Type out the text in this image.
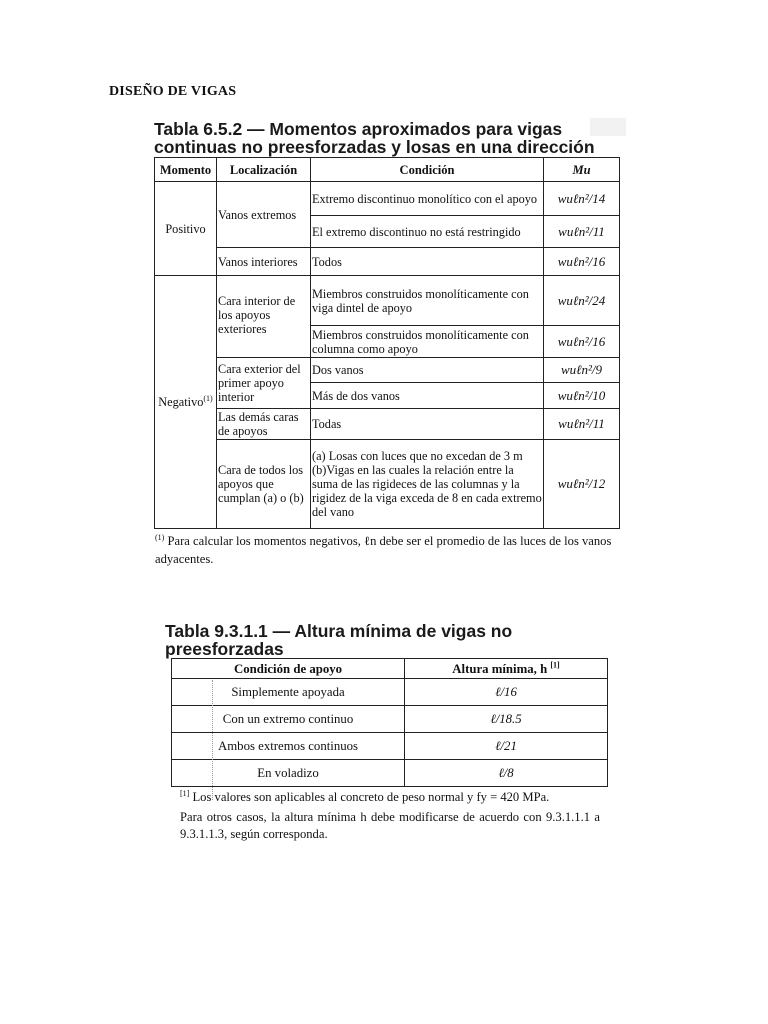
DISEÑO DE VIGAS
Tabla 6.5.2 — Momentos aproximados para vigas
continuas no preesforzadas y losas en una dirección
Momento	Localización	Condición	Mu
Positivo	Vanos extremos	Extremo discontinuo monolítico con el apoyo	wuℓn²/14
		El extremo discontinuo no está restringido	wuℓn²/11
	Vanos interiores	Todos	wuℓn²/16
Negativo$^{(1)}$	Cara interior de los apoyos exteriores	Miembros construidos monolíticamente con viga dintel de apoyo	wuℓn²/24
		Miembros construidos monolíticamente con columna como apoyo	wuℓn²/16
	Cara exterior del primer apoyo interior	Dos vanos	wuℓn²/9
		Más de dos vanos	wuℓn²/10
	Las demás caras de apoyos	Todas	wuℓn²/11
	Cara de todos los apoyos que cumplan (a) o (b)	(a) Losas con luces que no excedan de 3 m
(b)Vigas en las cuales la relación entre la suma de las rigideces de las columnas y la rigidez de la viga exceda de 8 en cada extremo del vano	wuℓn²/12
$^{(1)}$ Para calcular los momentos negativos, ℓn debe ser el promedio de las luces de los vanos adyacentes.
Tabla 9.3.1.1 — Altura mínima de vigas no
preesforzadas
Condición de apoyo	Altura mínima, h [1]
Simplemente apoyada	ℓ/16
Con un extremo continuo	ℓ/18.5
Ambos extremos continuos	ℓ/21
En voladizo	ℓ/8
[1] Los valores son aplicables al concreto de peso normal y fy = 420 MPa.
Para otros casos, la altura mínima h debe modificarse de acuerdo con 9.3.1.1.1 a 9.3.1.1.3, según corresponda.
